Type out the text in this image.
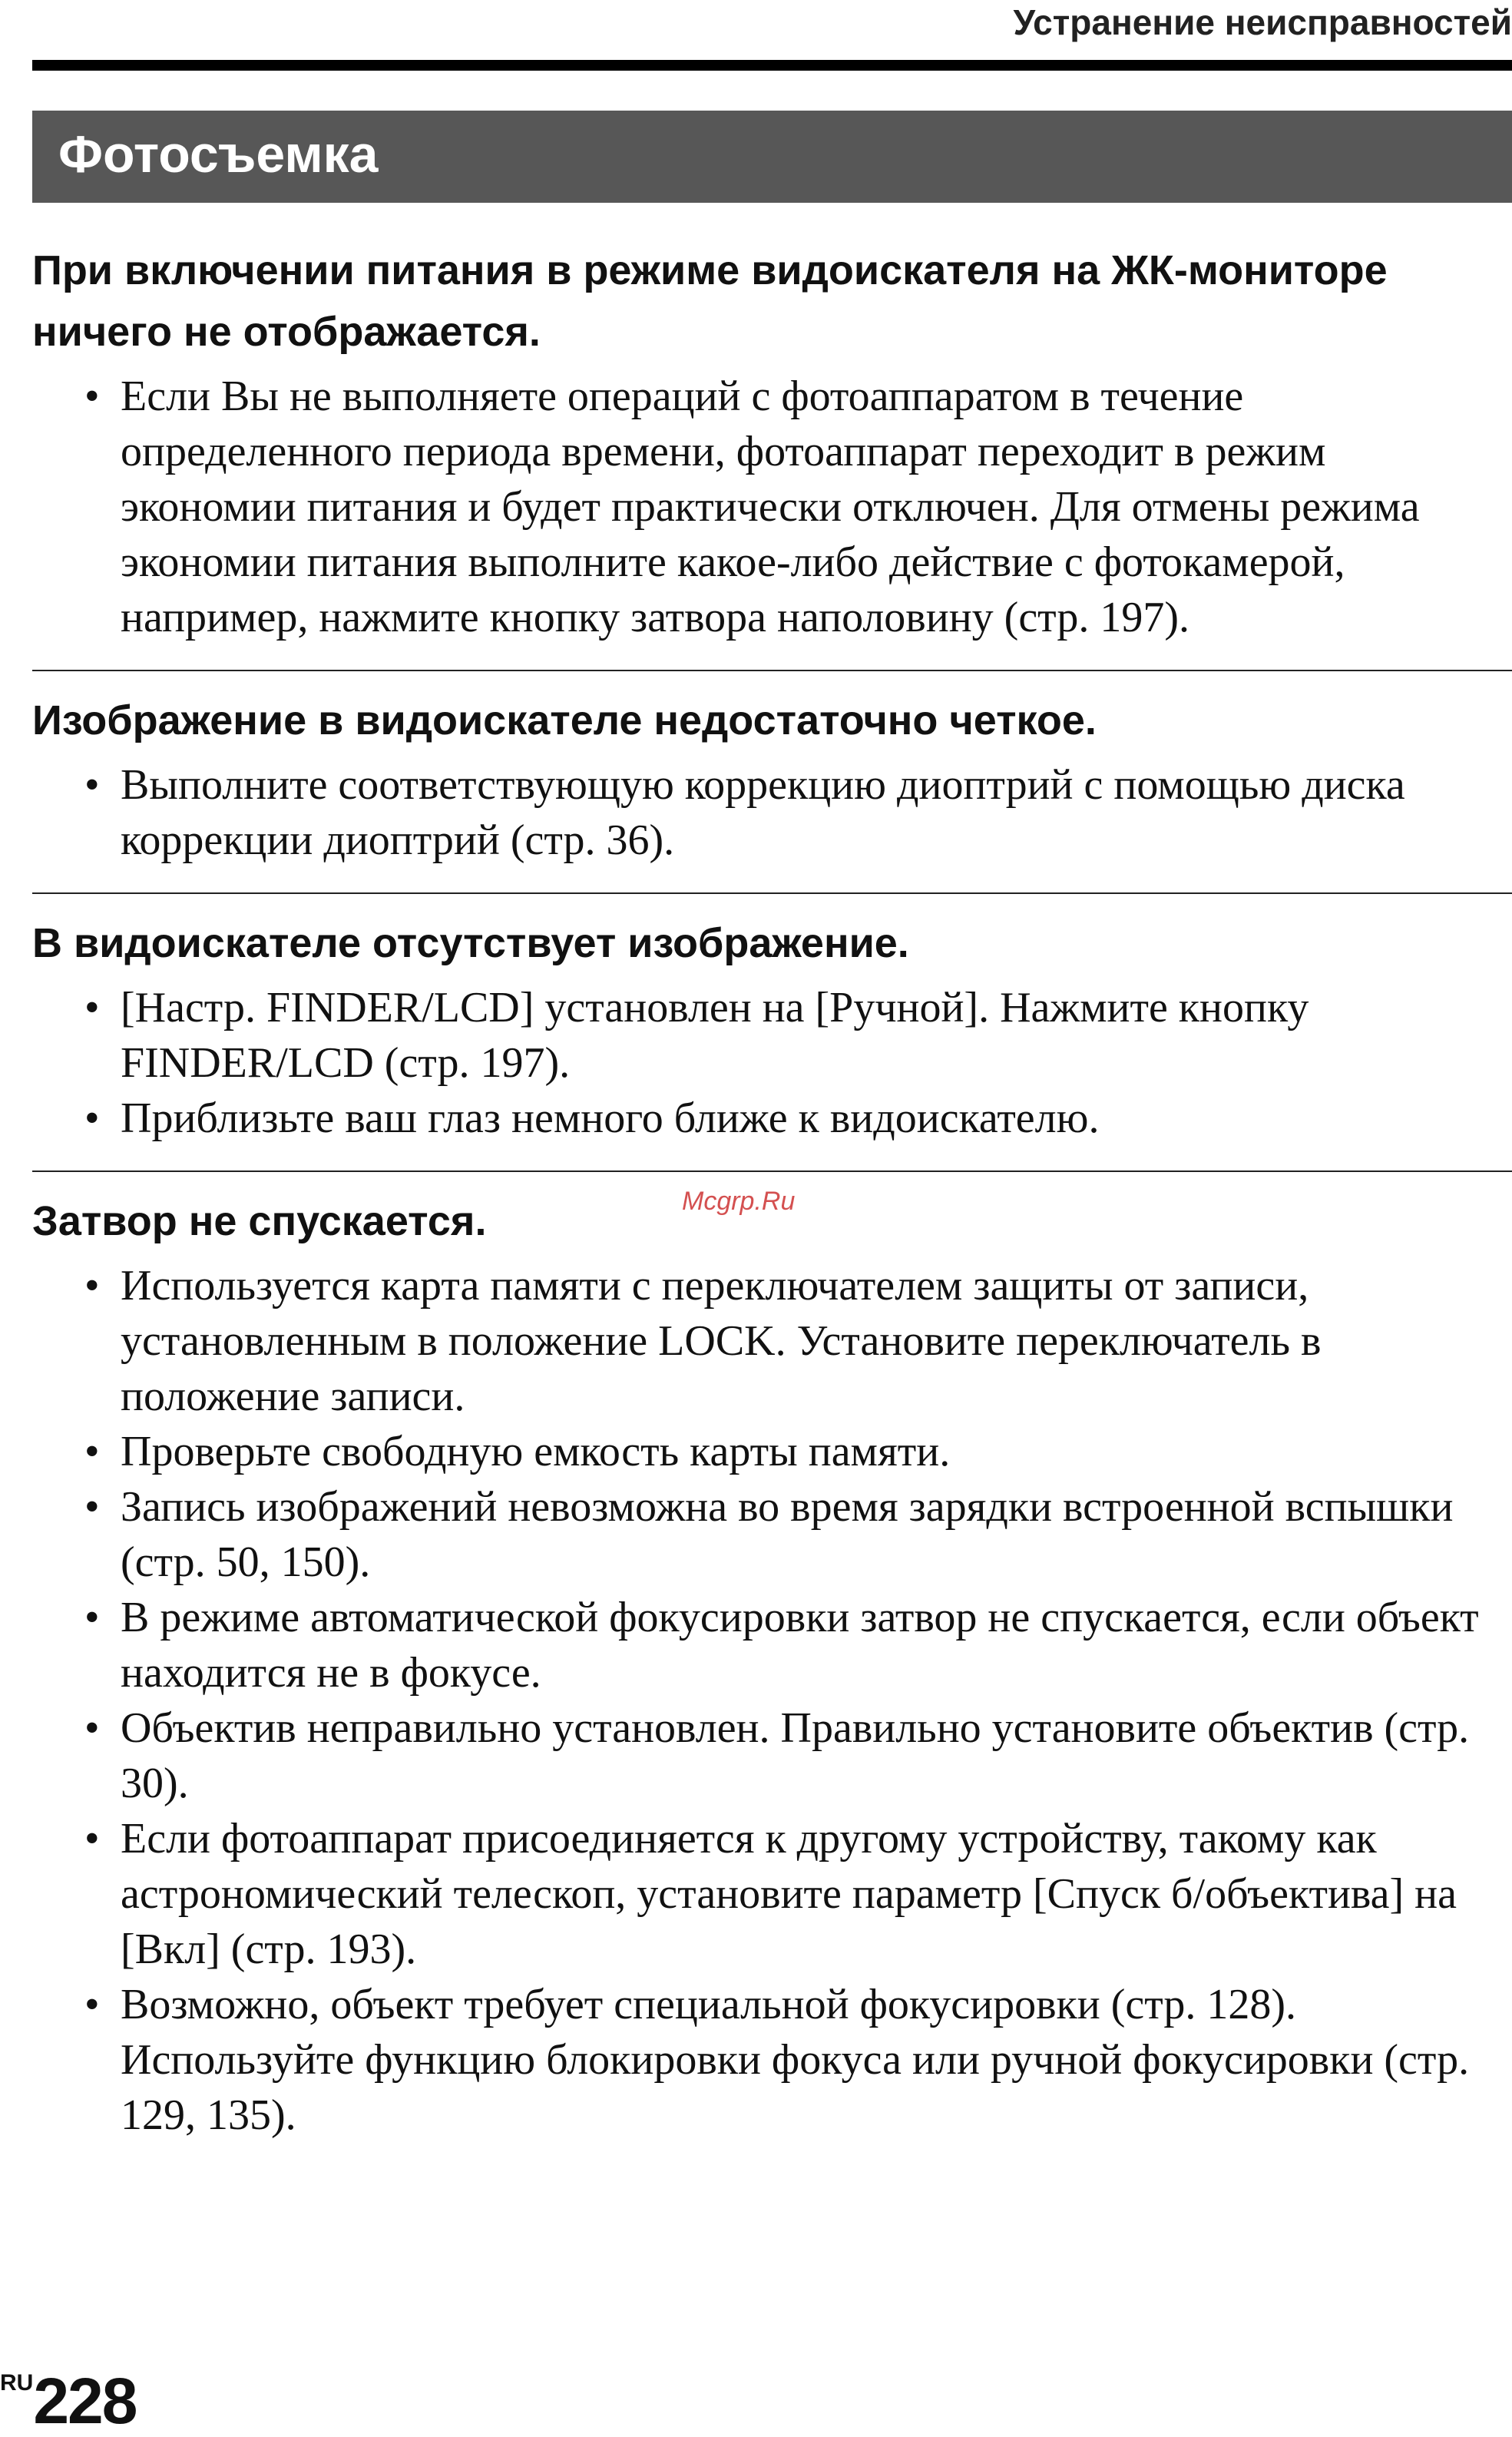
Устранение неисправностей
Фотосъемка
При включении питания в режиме видоискателя на ЖК-мониторе ничего не отображается.
• Если Вы не выполняете операций с фотоаппаратом в течение определенного периода времени, фотоаппарат переходит в режим экономии питания и будет практически отключен. Для отмены режима экономии питания выполните какое-либо действие с фотокамерой, например, нажмите кнопку затвора наполовину (стр. 197).
Изображение в видоискателе недостаточно четкое.
• Выполните соответствующую коррекцию диоптрий с помощью диска коррекции диоптрий (стр. 36).
В видоискателе отсутствует изображение.
• [Настр. FINDER/LCD] установлен на [Ручной]. Нажмите кнопку FINDER/LCD (стр. 197).
• Приблизьте ваш глаз немного ближе к видоискателю.
Затвор не спускается.
• Используется карта памяти с переключателем защиты от записи, установленным в положение LOCK. Установите переключатель в положение записи.
• Проверьте свободную емкость карты памяти.
• Запись изображений невозможна во время зарядки встроенной вспышки (стр. 50, 150).
• В режиме автоматической фокусировки затвор не спускается, если объект находится не в фокусе.
• Объектив неправильно установлен. Правильно установите объектив (стр. 30).
• Если фотоаппарат присоединяется к другому устройству, такому как астрономический телескоп, установите параметр [Спуск б/объектива] на [Вкл] (стр. 193).
• Возможно, объект требует специальной фокусировки (стр. 128). Используйте функцию блокировки фокуса или ручной фокусировки (стр. 129, 135).
Mcgrp.Ru
RU228
